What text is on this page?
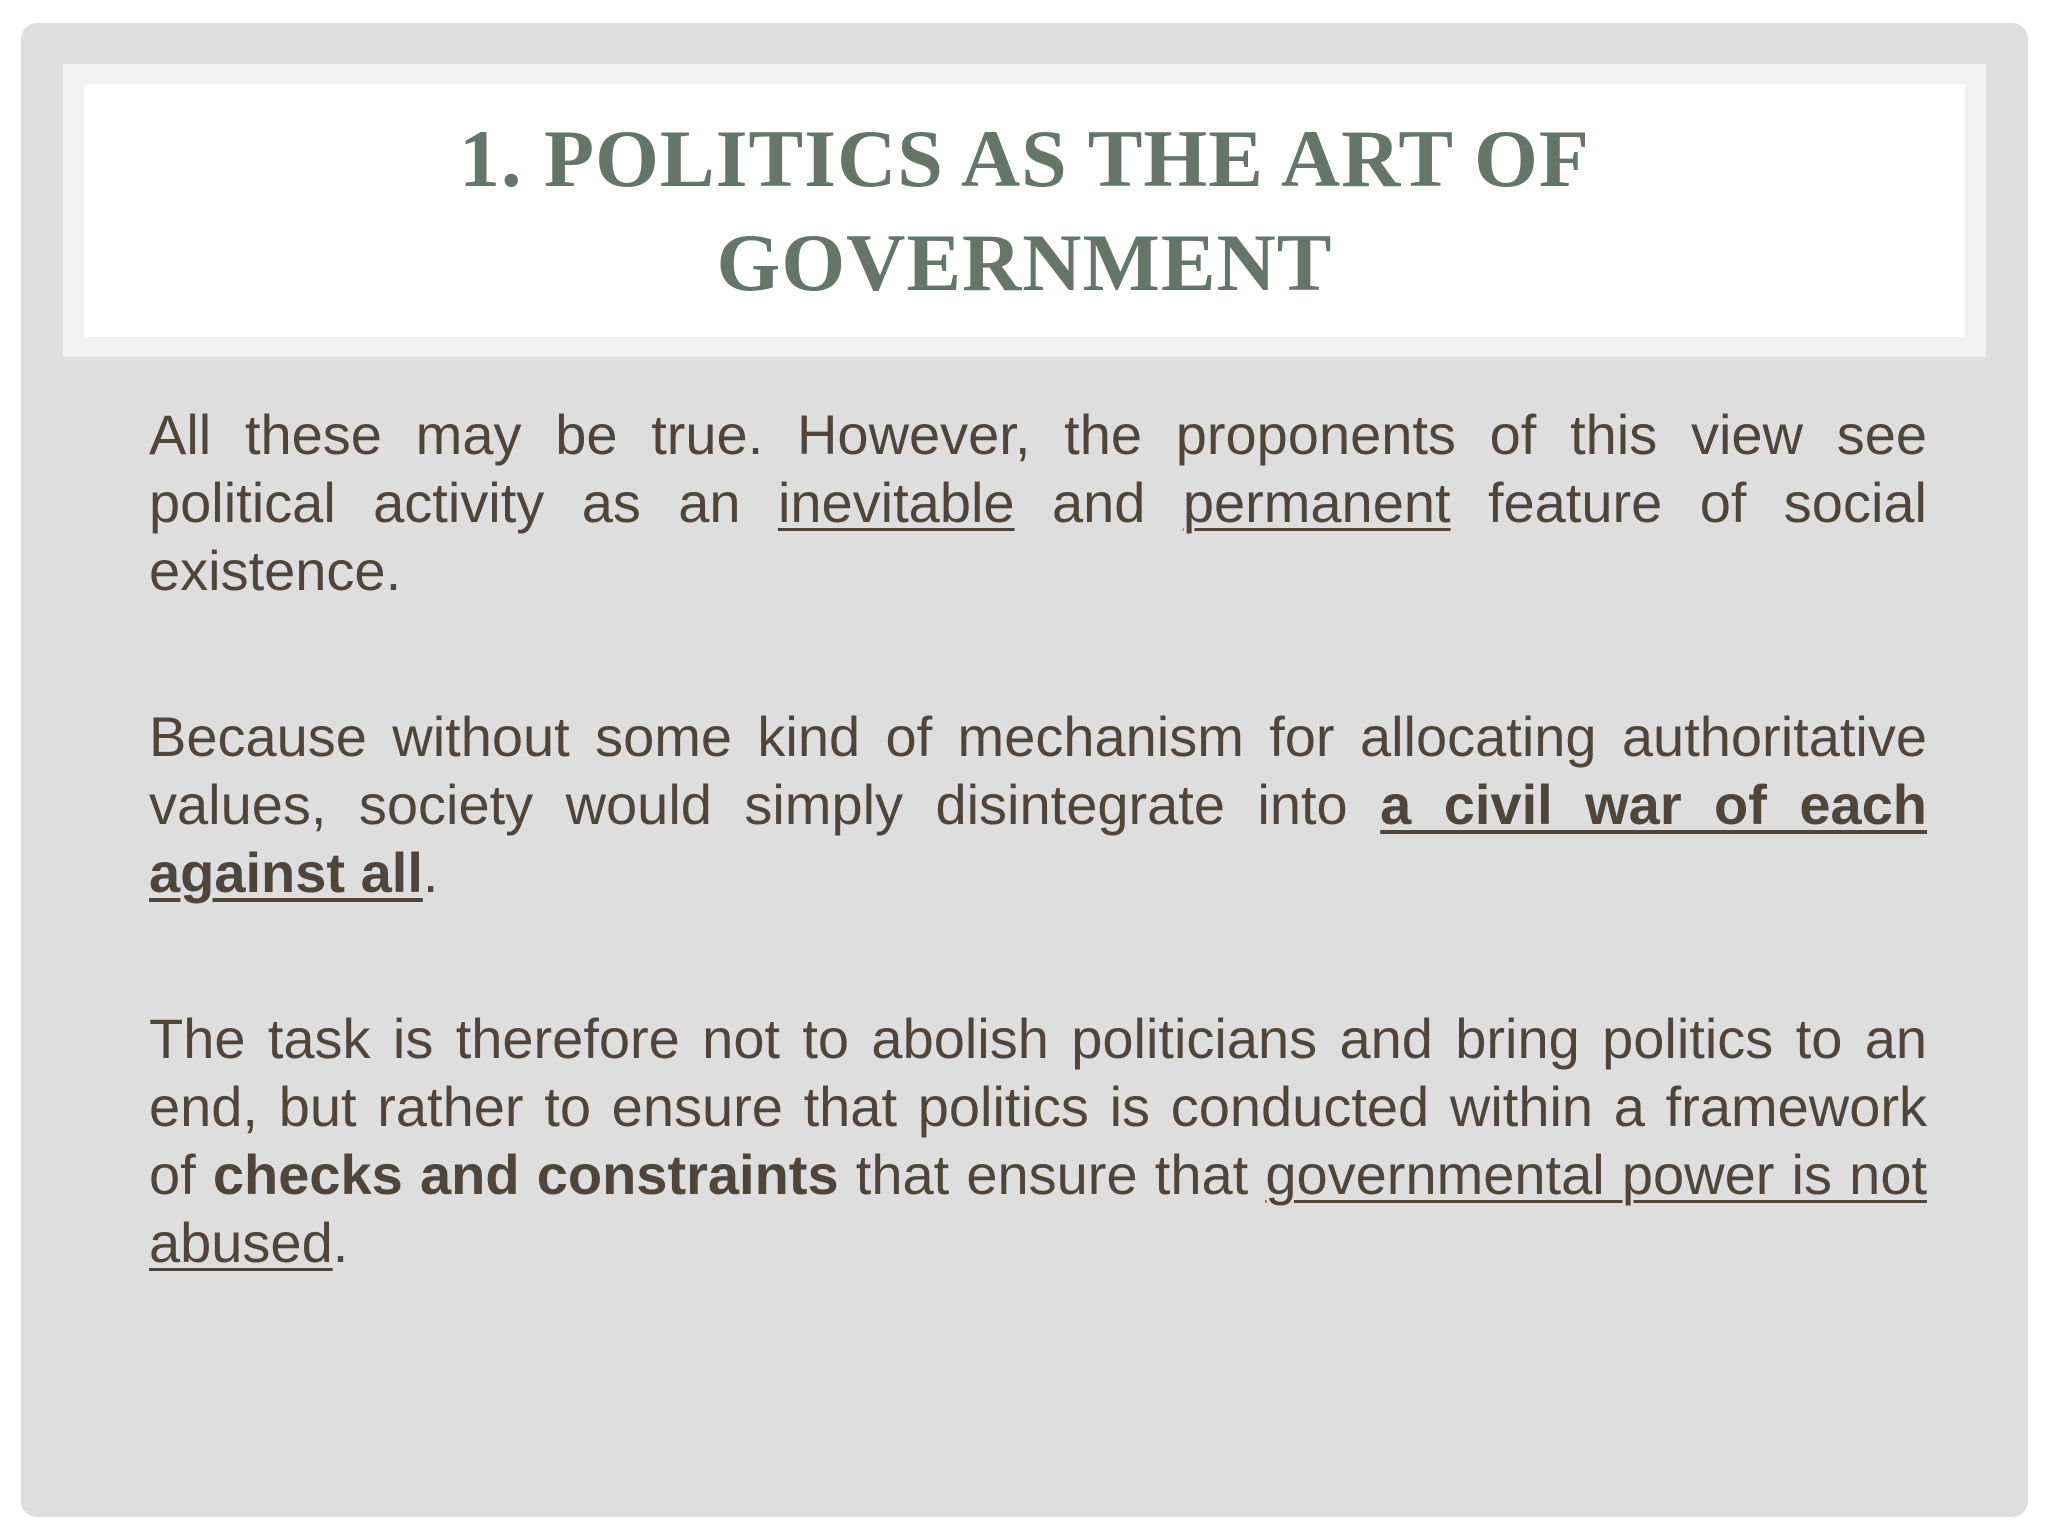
1. POLITICS AS THE ART OF
GOVERNMENT

All these may be true. However, the proponents of this view see political activity as an inevitable and permanent feature of social existence.

Because without some kind of mechanism for allocating authoritative values, society would simply disintegrate into a civil war of each against all.

The task is therefore not to abolish politicians and bring politics to an end, but rather to ensure that politics is conducted within a framework of checks and constraints that ensure that governmental power is not abused.
